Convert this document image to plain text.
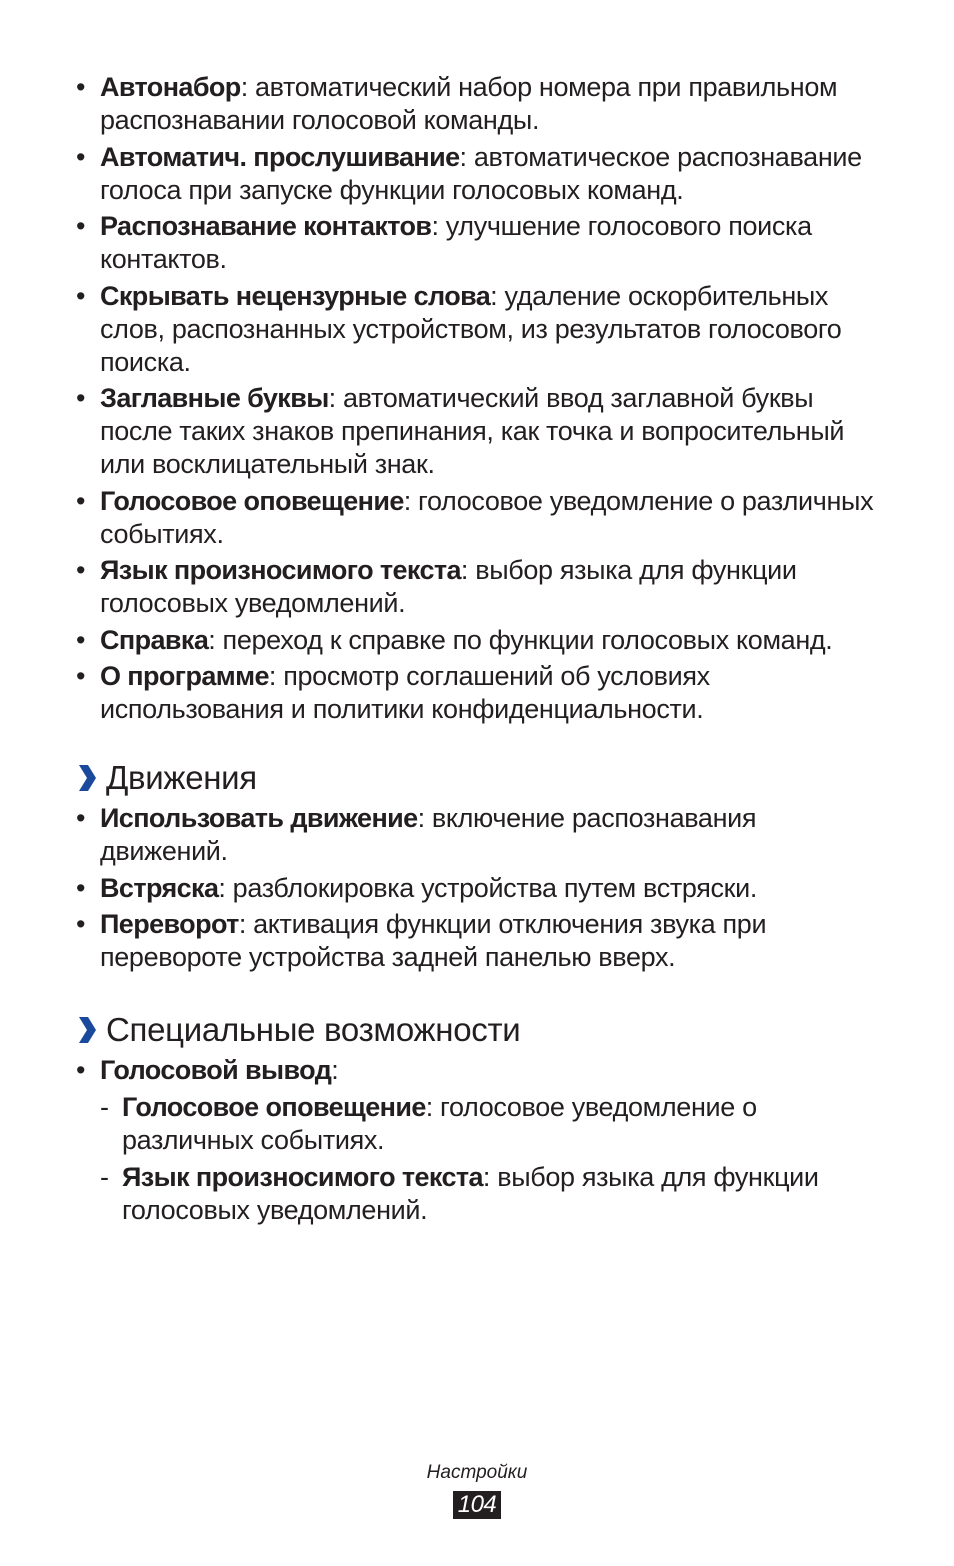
• Автонабор: автоматический набор номера при правильном распознавании голосовой команды.
• Автоматич. прослушивание: автоматическое распознавание голоса при запуске функции голосовых команд.
• Распознавание контактов: улучшение голосового поиска контактов.
• Скрывать нецензурные слова: удаление оскорбительных слов, распознанных устройством, из результатов голосового поиска.
• Заглавные буквы: автоматический ввод заглавной буквы после таких знаков препинания, как точка и вопросительный или восклицательный знак.
• Голосовое оповещение: голосовое уведомление о различных событиях.
• Язык произносимого текста: выбор языка для функции голосовых уведомлений.
• Справка: переход к справке по функции голосовых команд.
• О программе: просмотр соглашений об условиях использования и политики конфиденциальности.
Движения
• Использовать движение: включение распознавания движений.
• Встряска: разблокировка устройства путем встряски.
• Переворот: активация функции отключения звука при перевороте устройства задней панелью вверх.
Специальные возможности
• Голосовой вывод:
- Голосовое оповещение: голосовое уведомление о различных событиях.
- Язык произносимого текста: выбор языка для функции голосовых уведомлений.
Настройки
104
